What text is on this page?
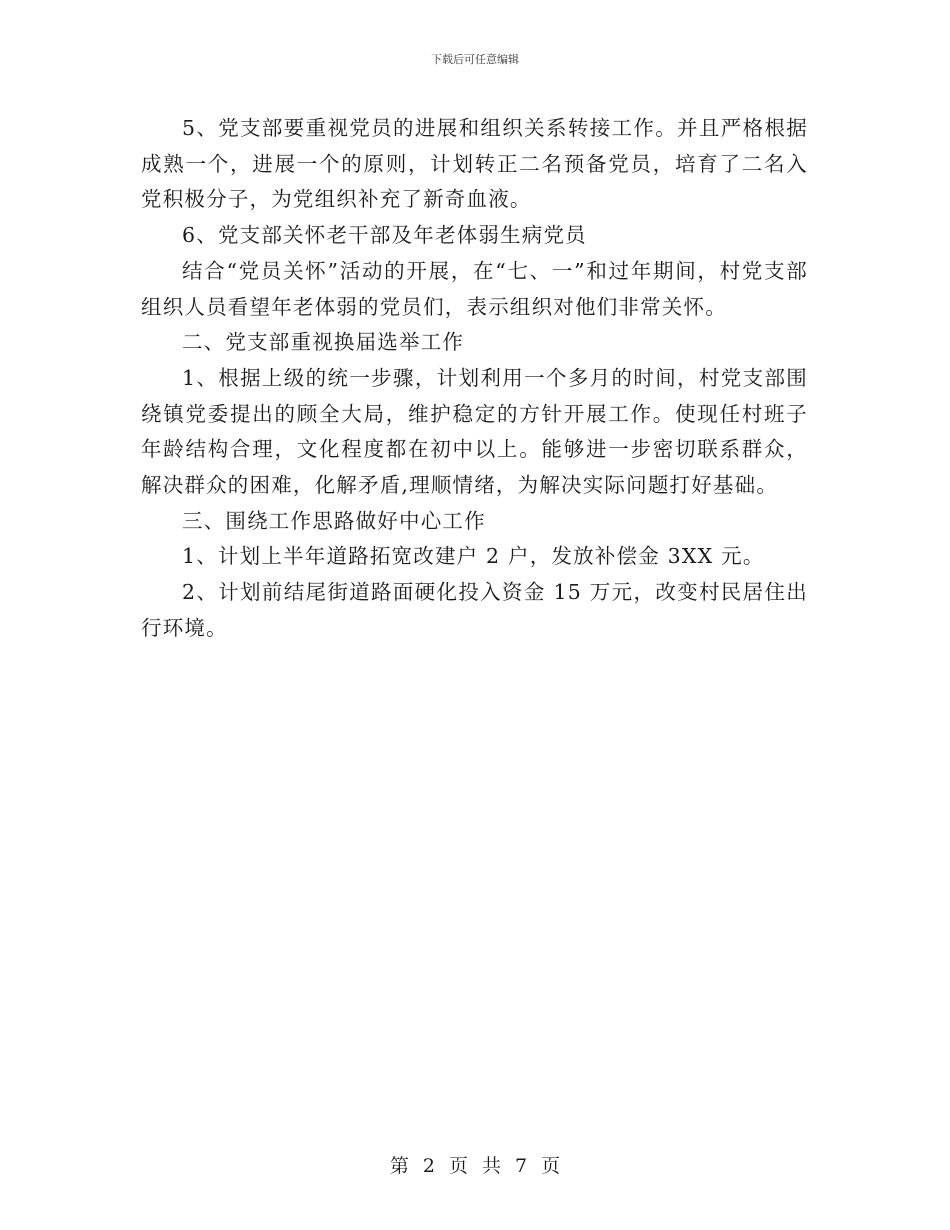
下载后可任意编辑

5、党支部要重视党员的进展和组织关系转接工作。并且严格根据成熟一个，进展一个的原则，计划转正二名预备党员，培育了二名入党积极分子，为党组织补充了新奇血液。

6、党支部关怀老干部及年老体弱生病党员

结合“党员关怀”活动的开展，在“七、一”和过年期间，村党支部组织人员看望年老体弱的党员们，表示组织对他们非常关怀。

二、党支部重视换届选举工作

1、根据上级的统一步骤，计划利用一个多月的时间，村党支部围绕镇党委提出的顾全大局，维护稳定的方针开展工作。使现任村班子年龄结构合理，文化程度都在初中以上。能够进一步密切联系群众，解决群众的困难，化解矛盾,理顺情绪，为解决实际问题打好基础。

三、围绕工作思路做好中心工作

1、计划上半年道路拓宽改建户 2 户，发放补偿金 3XX 元。

2、计划前结尾街道路面硬化投入资金 15 万元，改变村民居住出行环境。

第 2 页 共 7 页
